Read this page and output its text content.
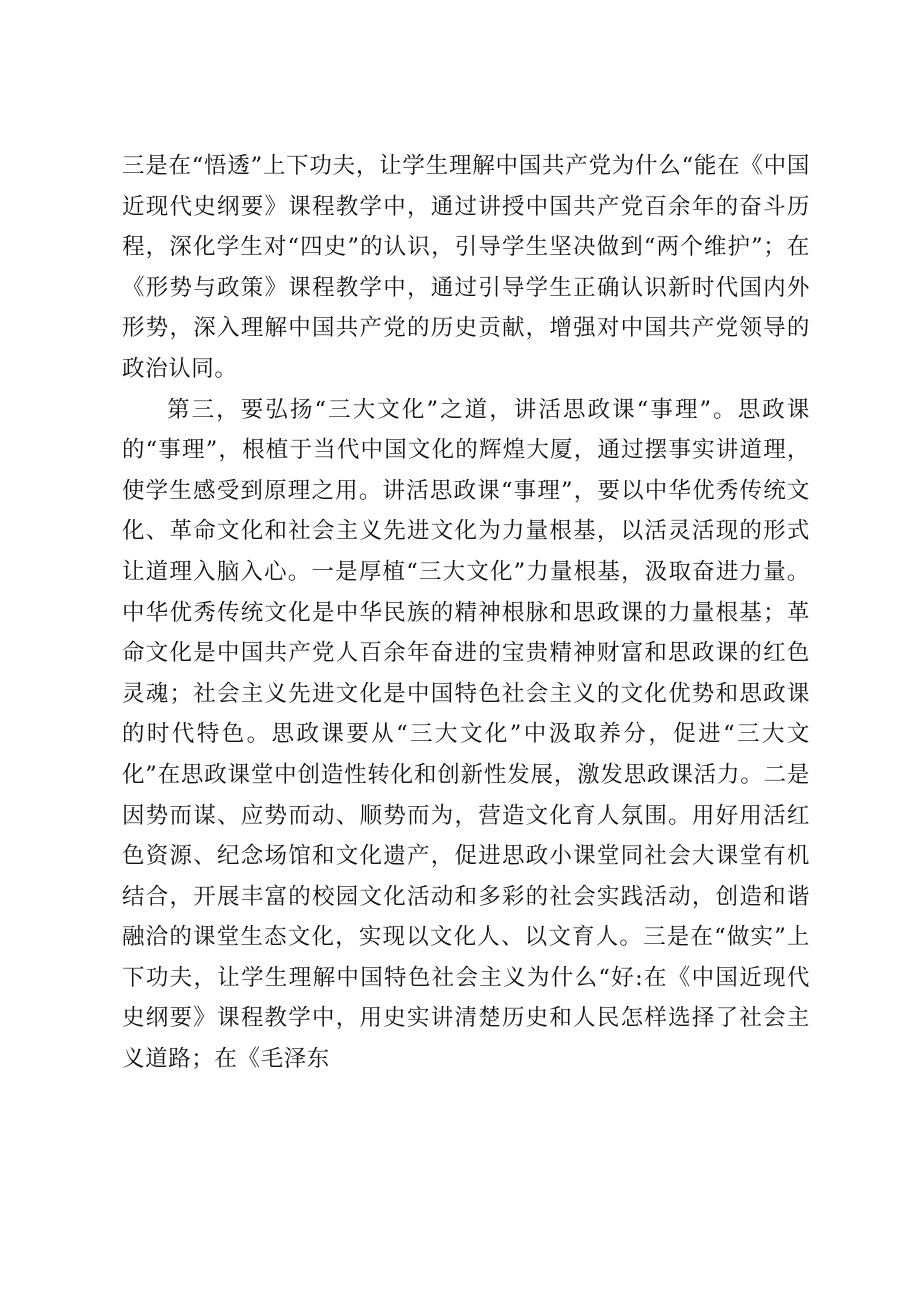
三是在“悟透”上下功夫，让学生理解中国共产党为什么“能在《中国近现代史纲要》课程教学中，通过讲授中国共产党百余年的奋斗历程，深化学生对“四史”的认识，引导学生坚决做到“两个维护”；在《形势与政策》课程教学中，通过引导学生正确认识新时代国内外形势，深入理解中国共产党的历史贡献，增强对中国共产党领导的政治认同。

第三，要弘扬“三大文化”之道，讲活思政课“事理”。思政课的“事理”，根植于当代中国文化的辉煌大厦，通过摆事实讲道理，使学生感受到原理之用。讲活思政课“事理”，要以中华优秀传统文化、革命文化和社会主义先进文化为力量根基，以活灵活现的形式让道理入脑入心。一是厚植“三大文化”力量根基，汲取奋进力量。中华优秀传统文化是中华民族的精神根脉和思政课的力量根基；革命文化是中国共产党人百余年奋进的宝贵精神财富和思政课的红色灵魂；社会主义先进文化是中国特色社会主义的文化优势和思政课的时代特色。思政课要从“三大文化”中汲取养分，促进“三大文化”在思政课堂中创造性转化和创新性发展，激发思政课活力。二是因势而谋、应势而动、顺势而为，营造文化育人氛围。用好用活红色资源、纪念场馆和文化遗产，促进思政小课堂同社会大课堂有机结合，开展丰富的校园文化活动和多彩的社会实践活动，创造和谐融洽的课堂生态文化，实现以文化人、以文育人。三是在“做实”上下功夫，让学生理解中国特色社会主义为什么“好:在《中国近现代史纲要》课程教学中，用史实讲清楚历史和人民怎样选择了社会主义道路；在《毛泽东
